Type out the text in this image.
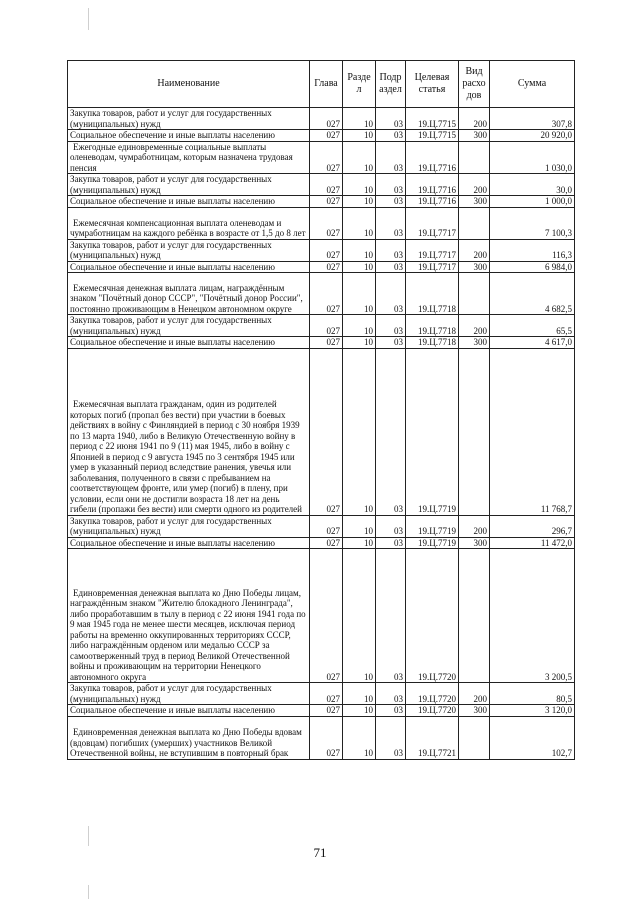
Наименование	Глава	Разде л	Подр аздел	Целевая статья	Вид расхо дов	Сумма
Закупка товаров, работ и услуг для государственных (муниципальных) нужд	027	10	03	19.Ц.7715	200	307,8
Социальное обеспечение и иные выплаты населению	027	10	03	19.Ц.7715	300	20 920,0
Ежегодные единовременные социальные выплаты оленеводам, чумработницам, которым назначена трудовая пенсия	027	10	03	19.Ц.7716		1 030,0
Закупка товаров, работ и услуг для государственных (муниципальных) нужд	027	10	03	19.Ц.7716	200	30,0
Социальное обеспечение и иные выплаты населению	027	10	03	19.Ц.7716	300	1 000,0
Ежемесячная компенсационная выплата оленеводам и чумработницам на каждого ребёнка в возрасте от 1,5 до 8 лет	027	10	03	19.Ц.7717		7 100,3
Закупка товаров, работ и услуг для государственных (муниципальных) нужд	027	10	03	19.Ц.7717	200	116,3
Социальное обеспечение и иные выплаты населению	027	10	03	19.Ц.7717	300	6 984,0
Ежемесячная денежная выплата лицам, награждённым знаком "Почётный донор СССР", "Почётный донор России", постоянно проживающим в Ненецком автономном округе	027	10	03	19.Ц.7718		4 682,5
Закупка товаров, работ и услуг для государственных (муниципальных) нужд	027	10	03	19.Ц.7718	200	65,5
Социальное обеспечение и иные выплаты населению	027	10	03	19.Ц.7718	300	4 617,0
Ежемесячная выплата гражданам, один из родителей которых погиб (пропал без вести) при участии в боевых действиях в войну с Финляндией в период с 30 ноября 1939 по 13 марта 1940, либо в Великую Отечественную войну в период с 22 июня 1941 по 9 (11) мая 1945, либо в войну с Японией в период с 9 августа 1945 по 3 сентября 1945 или умер в указанный период вследствие ранения, увечья или заболевания, полученного в связи с пребыванием на соответствующем фронте, или умер (погиб) в плену, при условии, если они не достигли возраста 18 лет на день гибели (пропажи без вести) или смерти одного из родителей	027	10	03	19.Ц.7719		11 768,7
Закупка товаров, работ и услуг для государственных (муниципальных) нужд	027	10	03	19.Ц.7719	200	296,7
Социальное обеспечение и иные выплаты населению	027	10	03	19.Ц.7719	300	11 472,0
Единовременная денежная выплата ко Дню Победы лицам, награждённым знаком "Жителю блокадного Ленинграда", либо проработавшим в тылу в период с 22 июня 1941 года по 9 мая 1945 года не менее шести месяцев, исключая период работы на временно оккупированных территориях СССР, либо награждённым орденом или медалью СССР за самоотверженный труд в период Великой Отечественной войны и проживающим на территории Ненецкого автономного округа	027	10	03	19.Ц.7720		3 200,5
Закупка товаров, работ и услуг для государственных (муниципальных) нужд	027	10	03	19.Ц.7720	200	80,5
Социальное обеспечение и иные выплаты населению	027	10	03	19.Ц.7720	300	3 120,0
Единовременная денежная выплата ко Дню Победы вдовам (вдовцам) погибших (умерших) участников Великой Отечественной войны, не вступившим в повторный брак	027	10	03	19.Ц.7721		102,7
71
